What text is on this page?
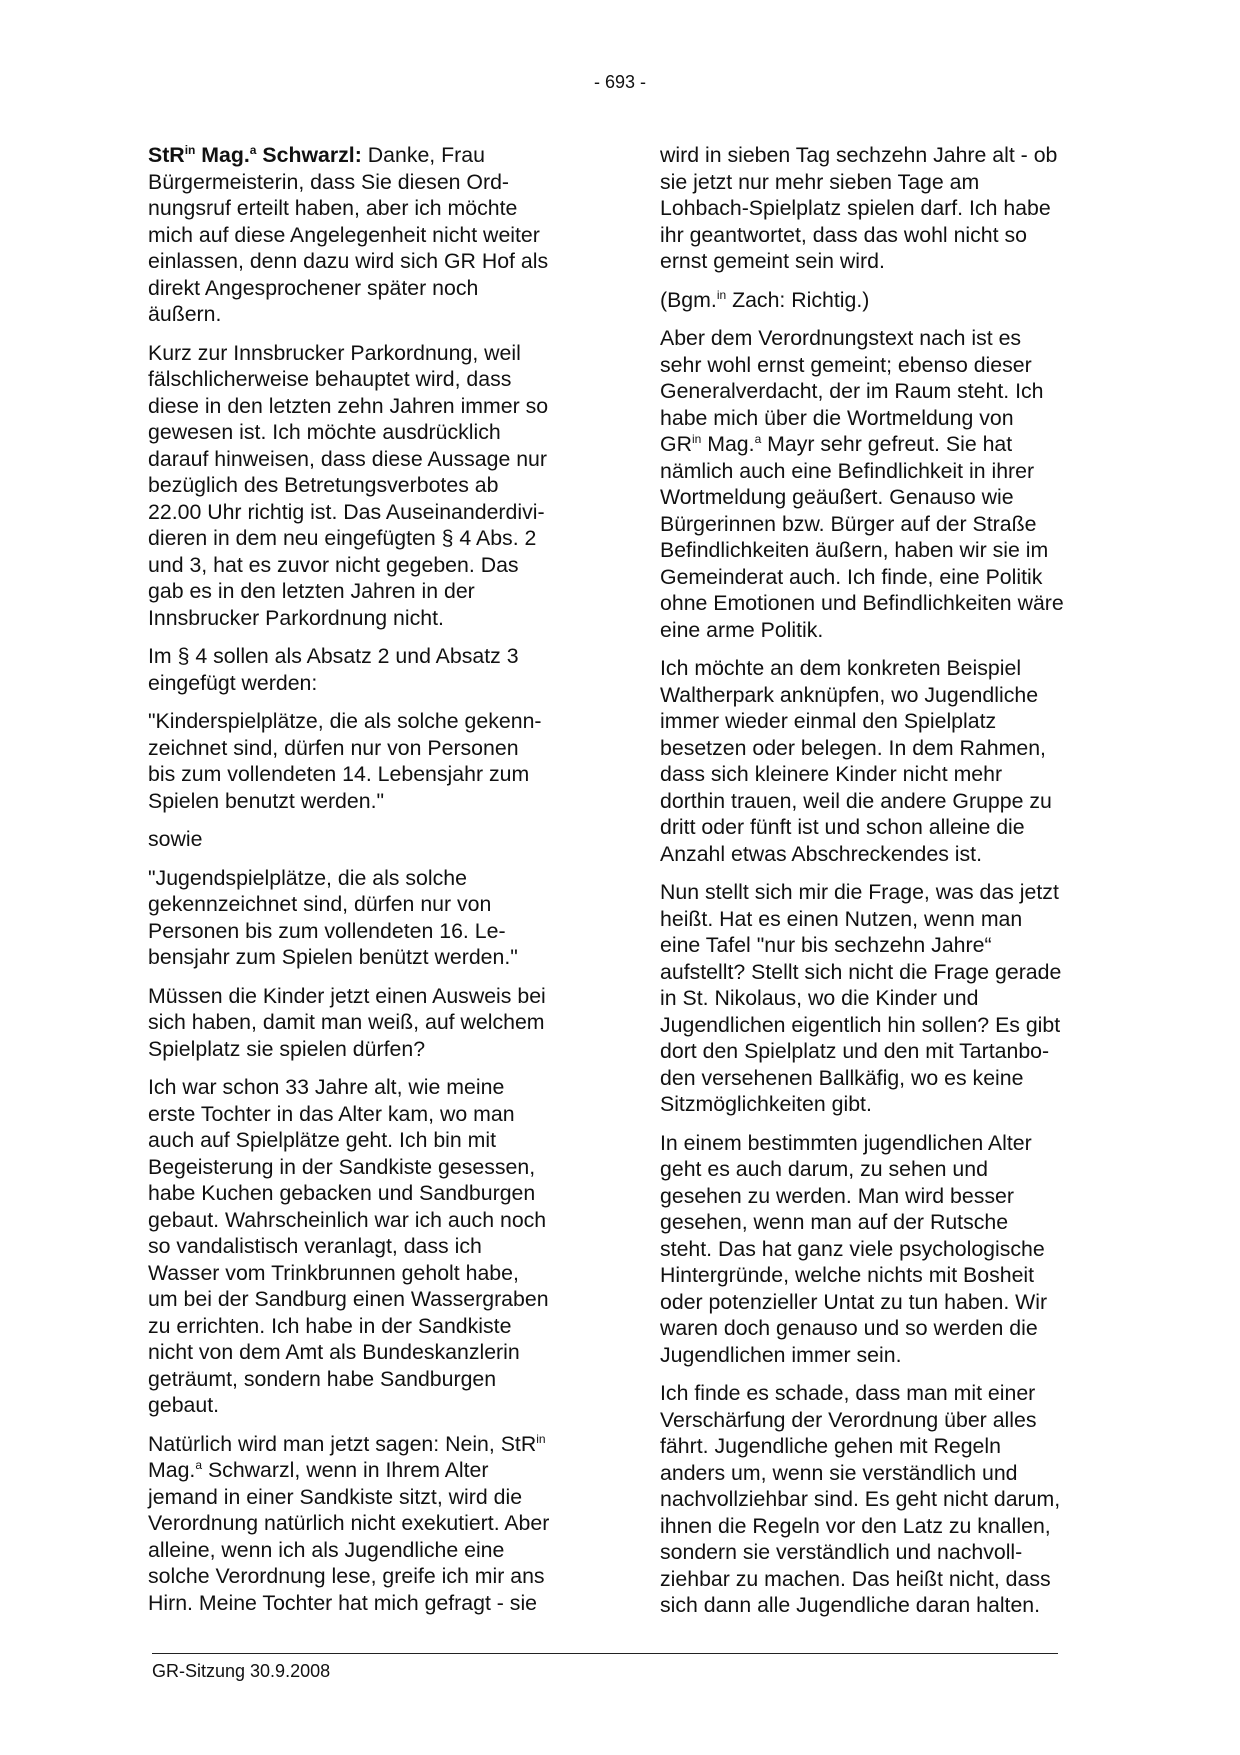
- 693 -

StR$^{in}$ Mag.$^a$ Schwarzl: Danke, Frau
Bürgermeisterin, dass Sie diesen Ord-
nungsruf erteilt haben, aber ich möchte
mich auf diese Angelegenheit nicht weiter
einlassen, denn dazu wird sich GR Hof als
direkt Angesprochener später noch
äußern.

Kurz zur Innsbrucker Parkordnung, weil
fälschlicherweise behauptet wird, dass
diese in den letzten zehn Jahren immer so
gewesen ist. Ich möchte ausdrücklich
darauf hinweisen, dass diese Aussage nur
bezüglich des Betretungsverbotes ab
22.00 Uhr richtig ist. Das Auseinanderdivi-
dieren in dem neu eingefügten § 4 Abs. 2
und 3, hat es zuvor nicht gegeben. Das
gab es in den letzten Jahren in der
Innsbrucker Parkordnung nicht.

Im § 4 sollen als Absatz 2 und Absatz 3
eingefügt werden:

"Kinderspielplätze, die als solche gekenn-
zeichnet sind, dürfen nur von Personen
bis zum vollendeten 14. Lebensjahr zum
Spielen benutzt werden."

sowie

"Jugendspielplätze, die als solche
gekennzeichnet sind, dürfen nur von
Personen bis zum vollendeten 16. Le-
bensjahr zum Spielen benützt werden."

Müssen die Kinder jetzt einen Ausweis bei
sich haben, damit man weiß, auf welchem
Spielplatz sie spielen dürfen?

Ich war schon 33 Jahre alt, wie meine
erste Tochter in das Alter kam, wo man
auch auf Spielplätze geht. Ich bin mit
Begeisterung in der Sandkiste gesessen,
habe Kuchen gebacken und Sandburgen
gebaut. Wahrscheinlich war ich auch noch
so vandalistisch veranlagt, dass ich
Wasser vom Trinkbrunnen geholt habe,
um bei der Sandburg einen Wassergraben
zu errichten. Ich habe in der Sandkiste
nicht von dem Amt als Bundeskanzlerin
geträumt, sondern habe Sandburgen
gebaut.

Natürlich wird man jetzt sagen: Nein, StR$^{in}$
Mag.$^a$ Schwarzl, wenn in Ihrem Alter
jemand in einer Sandkiste sitzt, wird die
Verordnung natürlich nicht exekutiert. Aber
alleine, wenn ich als Jugendliche eine
solche Verordnung lese, greife ich mir ans
Hirn. Meine Tochter hat mich gefragt - sie

wird in sieben Tag sechzehn Jahre alt - ob
sie jetzt nur mehr sieben Tage am
Lohbach-Spielplatz spielen darf. Ich habe
ihr geantwortet, dass das wohl nicht so
ernst gemeint sein wird.

(Bgm.$^{in}$ Zach: Richtig.)

Aber dem Verordnungstext nach ist es
sehr wohl ernst gemeint; ebenso dieser
Generalverdacht, der im Raum steht. Ich
habe mich über die Wortmeldung von
$GR^{in}$ Mag.$^a$ Mayr sehr gefreut. Sie hat
nämlich auch eine Befindlichkeit in ihrer
Wortmeldung geäußert. Genauso wie
Bürgerinnen bzw. Bürger auf der Straße
Befindlichkeiten äußern, haben wir sie im
Gemeinderat auch. Ich finde, eine Politik
ohne Emotionen und Befindlichkeiten wäre
eine arme Politik.

Ich möchte an dem konkreten Beispiel
Waltherpark anknüpfen, wo Jugendliche
immer wieder einmal den Spielplatz
besetzen oder belegen. In dem Rahmen,
dass sich kleinere Kinder nicht mehr
dorthin trauen, weil die andere Gruppe zu
dritt oder fünft ist und schon alleine die
Anzahl etwas Abschreckendes ist.

Nun stellt sich mir die Frage, was das jetzt
heißt. Hat es einen Nutzen, wenn man
eine Tafel "nur bis sechzehn Jahre“
aufstellt? Stellt sich nicht die Frage gerade
in St. Nikolaus, wo die Kinder und
Jugendlichen eigentlich hin sollen? Es gibt
dort den Spielplatz und den mit Tartanbo-
den versehenen Ballkäfig, wo es keine
Sitzmöglichkeiten gibt.

In einem bestimmten jugendlichen Alter
geht es auch darum, zu sehen und
gesehen zu werden. Man wird besser
gesehen, wenn man auf der Rutsche
steht. Das hat ganz viele psychologische
Hintergründe, welche nichts mit Bosheit
oder potenzieller Untat zu tun haben. Wir
waren doch genauso und so werden die
Jugendlichen immer sein.

Ich finde es schade, dass man mit einer
Verschärfung der Verordnung über alles
fährt. Jugendliche gehen mit Regeln
anders um, wenn sie verständlich und
nachvollziehbar sind. Es geht nicht darum,
ihnen die Regeln vor den Latz zu knallen,
sondern sie verständlich und nachvoll-
ziehbar zu machen. Das heißt nicht, dass
sich dann alle Jugendliche daran halten.

GR-Sitzung 30.9.2008
